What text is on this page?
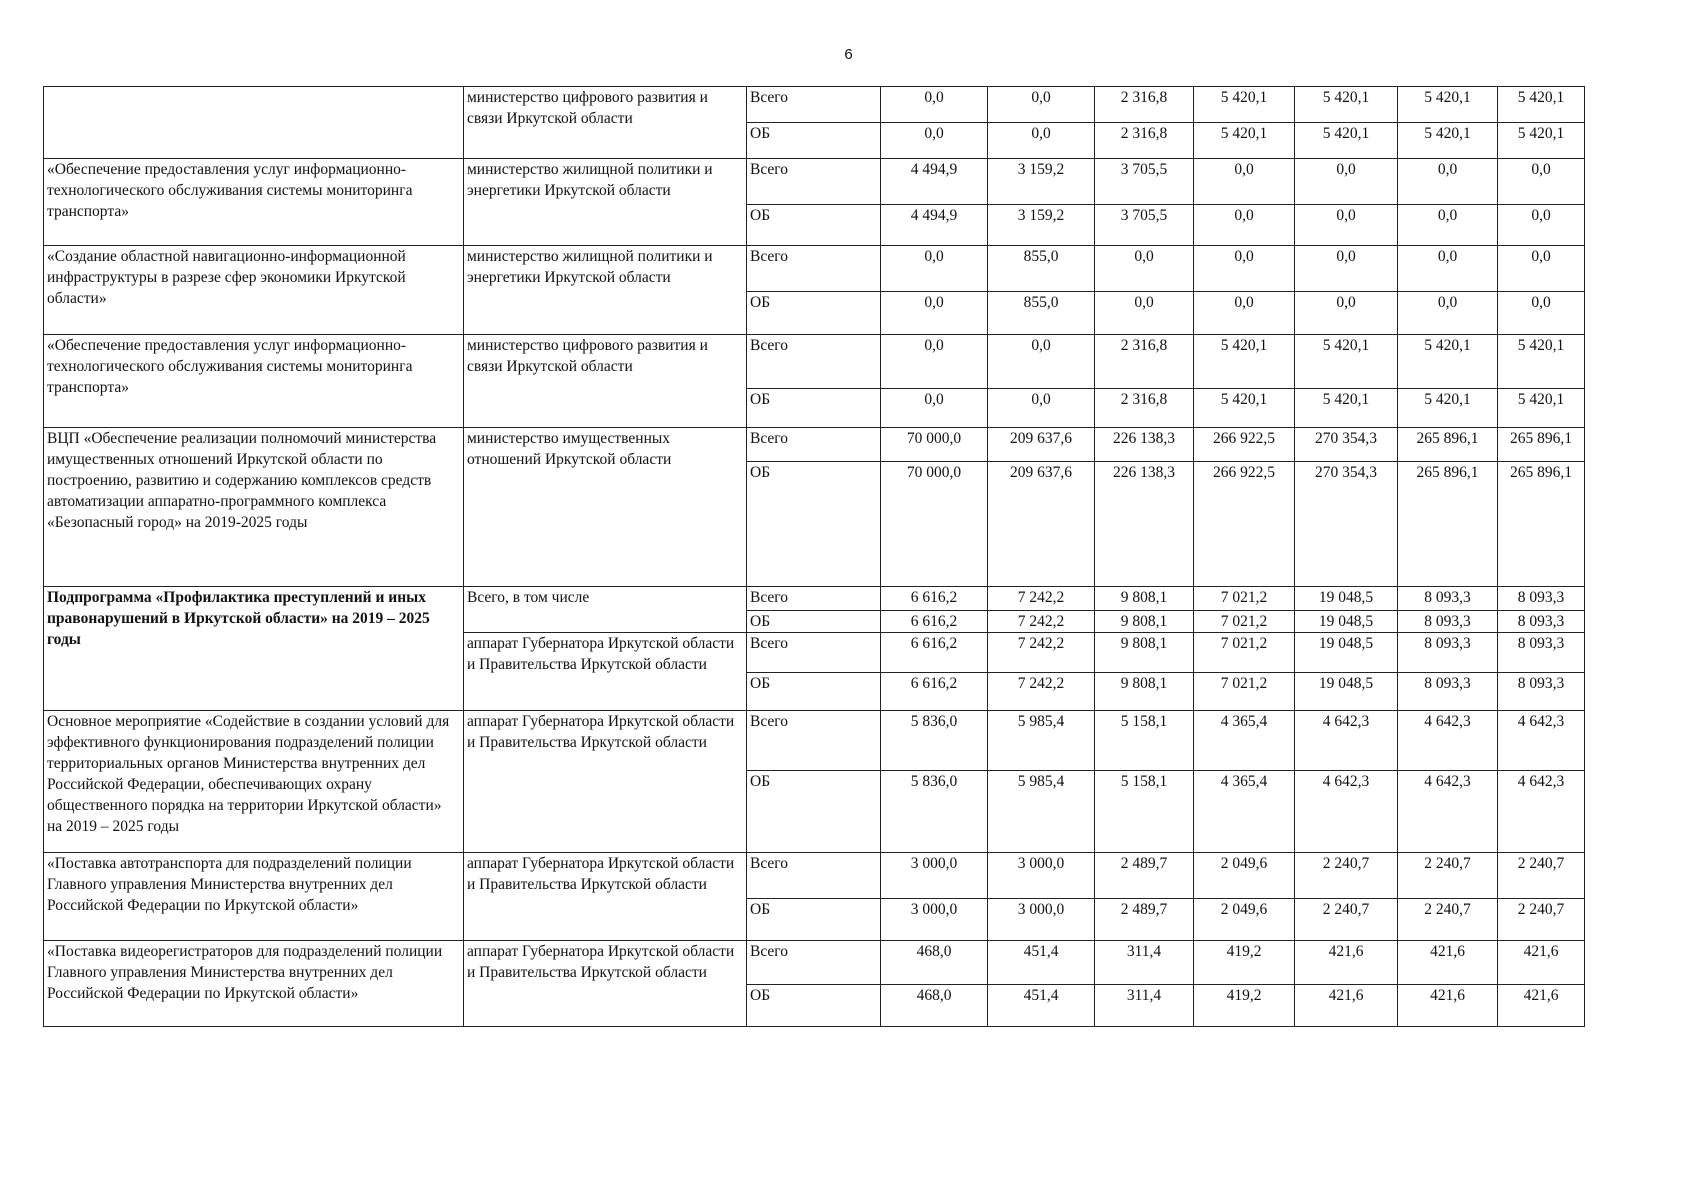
6
	министерство цифрового развития и связи Иркутской области	Всего	0,0	0,0	2 316,8	5 420,1	5 420,1	5 420,1	5 420,1
		ОБ	0,0	0,0	2 316,8	5 420,1	5 420,1	5 420,1	5 420,1
«Обеспечение предоставления услуг информационно-технологического обслуживания системы мониторинга транспорта»	министерство жилищной политики и энергетики Иркутской области	Всего	4 494,9	3 159,2	3 705,5	0,0	0,0	0,0	0,0
		ОБ	4 494,9	3 159,2	3 705,5	0,0	0,0	0,0	0,0
«Создание областной навигационно-информационной инфраструктуры в разрезе сфер экономики Иркутской области»	министерство жилищной политики и энергетики Иркутской области	Всего	0,0	855,0	0,0	0,0	0,0	0,0	0,0
		ОБ	0,0	855,0	0,0	0,0	0,0	0,0	0,0
«Обеспечение предоставления услуг информационно-технологического обслуживания системы мониторинга транспорта»	министерство цифрового развития и связи Иркутской области	Всего	0,0	0,0	2 316,8	5 420,1	5 420,1	5 420,1	5 420,1
		ОБ	0,0	0,0	2 316,8	5 420,1	5 420,1	5 420,1	5 420,1
ВЦП «Обеспечение реализации полномочий министерства имущественных отношений Иркутской области по построению, развитию и содержанию комплексов средств автоматизации аппаратно-программного комплекса «Безопасный город» на 2019-2025 годы	министерство имущественных отношений Иркутской области	Всего	70 000,0	209 637,6	226 138,3	266 922,5	270 354,3	265 896,1	265 896,1
		ОБ	70 000,0	209 637,6	226 138,3	266 922,5	270 354,3	265 896,1	265 896,1
Подпрограмма «Профилактика преступлений и иных правонарушений в Иркутской области» на 2019 – 2025 годы	Всего, в том числе	Всего	6 616,2	7 242,2	9 808,1	7 021,2	19 048,5	8 093,3	8 093,3
		ОБ	6 616,2	7 242,2	9 808,1	7 021,2	19 048,5	8 093,3	8 093,3
	аппарат Губернатора Иркутской области и Правительства Иркутской области	Всего	6 616,2	7 242,2	9 808,1	7 021,2	19 048,5	8 093,3	8 093,3
		ОБ	6 616,2	7 242,2	9 808,1	7 021,2	19 048,5	8 093,3	8 093,3
Основное мероприятие «Содействие в создании условий для эффективного функционирования подразделений полиции территориальных органов Министерства внутренних дел Российской Федерации, обеспечивающих охрану общественного порядка на территории Иркутской области» на 2019 – 2025 годы	аппарат Губернатора Иркутской области и Правительства Иркутской области	Всего	5 836,0	5 985,4	5 158,1	4 365,4	4 642,3	4 642,3	4 642,3
		ОБ	5 836,0	5 985,4	5 158,1	4 365,4	4 642,3	4 642,3	4 642,3
«Поставка автотранспорта для подразделений полиции Главного управления Министерства внутренних дел Российской Федерации по Иркутской области»	аппарат Губернатора Иркутской области и Правительства Иркутской области	Всего	3 000,0	3 000,0	2 489,7	2 049,6	2 240,7	2 240,7	2 240,7
		ОБ	3 000,0	3 000,0	2 489,7	2 049,6	2 240,7	2 240,7	2 240,7
«Поставка видеорегистраторов для подразделений полиции Главного управления Министерства внутренних дел Российской Федерации по Иркутской области»	аппарат Губернатора Иркутской области и Правительства Иркутской области	Всего	468,0	451,4	311,4	419,2	421,6	421,6	421,6
		ОБ	468,0	451,4	311,4	419,2	421,6	421,6	421,6
